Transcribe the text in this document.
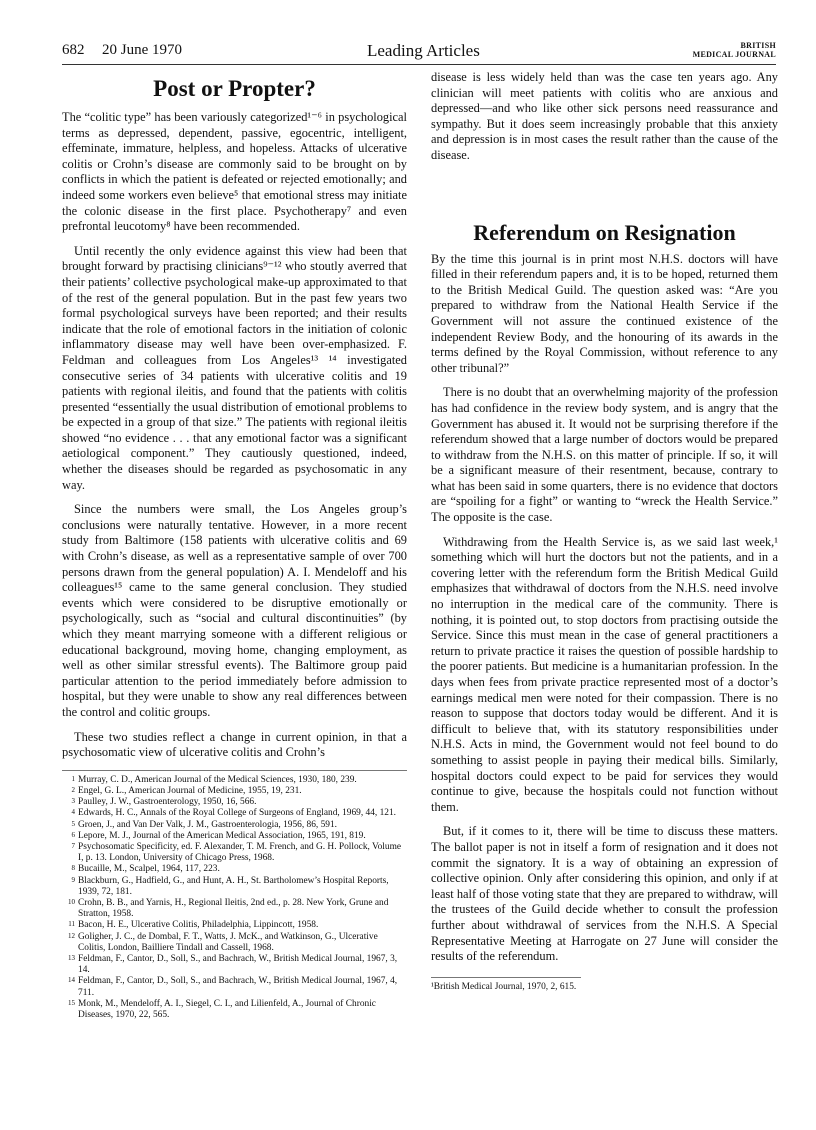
682 20 June 1970	Leading Articles	BRITISH
MEDICAL JOURNAL
Post or Propter?

The “colitic type” has been variously categorized¹⁻⁶ in psychological terms as depressed, dependent, passive, egocentric, intelligent, effeminate, immature, helpless, and hopeless. Attacks of ulcerative colitis or Crohn’s disease are commonly said to be brought on by conflicts in which the patient is defeated or rejected emotionally; and indeed some workers even believe⁵ that emotional stress may initiate the colonic disease in the first place. Psychotherapy⁷ and even prefrontal leucotomy⁸ have been recommended.

Until recently the only evidence against this view had been that brought forward by practising clinicians⁹⁻¹² who stoutly averred that their patients’ collective psychological make-up approximated to that of the rest of the general population. But in the past few years two formal psychological surveys have been reported; and their results indicate that the role of emotional factors in the initiation of colonic inflammatory disease may well have been over-emphasized. F. Feldman and colleagues from Los Angeles¹³ ¹⁴ investigated consecutive series of 34 patients with ulcerative colitis and 19 patients with regional ileitis, and found that the patients with colitis presented “essentially the usual distribution of emotional problems to be expected in a group of that size.” The patients with regional ileitis showed “no evidence . . . that any emotional factor was a significant aetiological component.” They cautiously questioned, indeed, whether the diseases should be regarded as psychosomatic in any way.

Since the numbers were small, the Los Angeles group’s conclusions were naturally tentative. However, in a more recent study from Baltimore (158 patients with ulcerative colitis and 69 with Crohn’s disease, as well as a representative sample of over 700 persons drawn from the general population) A. I. Mendeloff and his colleagues¹⁵ came to the same general conclusion. They studied events which were considered to be disruptive emotionally or psychologically, such as “social and cultural discontinuities” (by which they meant marrying someone with a different religious or educational background, moving home, changing employment, as well as other similar stressful events). The Baltimore group paid particular attention to the period immediately before admission to hospital, but they were unable to show any real differences between the control and colitic groups.

These two studies reflect a change in current opinion, in that a psychosomatic view of ulcerative colitis and Crohn’s

1 Murray, C. D., American Journal of the Medical Sciences, 1930, 180, 239.
2 Engel, G. L., American Journal of Medicine, 1955, 19, 231.
3 Paulley, J. W., Gastroenterology, 1950, 16, 566.
4 Edwards, H. C., Annals of the Royal College of Surgeons of England, 1969, 44, 121.
5 Groen, J., and Van Der Valk, J. M., Gastroenterologia, 1956, 86, 591.
6 Lepore, M. J., Journal of the American Medical Association, 1965, 191, 819.
7 Psychosomatic Specificity, ed. F. Alexander, T. M. French, and G. H. Pollock, Volume I, p. 13. London, University of Chicago Press, 1968.
8 Bucaille, M., Scalpel, 1964, 117, 223.
9 Blackburn, G., Hadfield, G., and Hunt, A. H., St. Bartholomew’s Hospital Reports, 1939, 72, 181.
10 Crohn, B. B., and Yarnis, H., Regional Ileitis, 2nd ed., p. 28. New York, Grune and Stratton, 1958.
11 Bacon, H. E., Ulcerative Colitis, Philadelphia, Lippincott, 1958.
12 Goligher, J. C., de Dombal, F. T., Watts, J. McK., and Watkinson, G., Ulcerative Colitis, London, Bailliere Tindall and Cassell, 1968.
13 Feldman, F., Cantor, D., Soll, S., and Bachrach, W., British Medical Journal, 1967, 3, 14.
14 Feldman, F., Cantor, D., Soll, S., and Bachrach, W., British Medical Journal, 1967, 4, 711.
15 Monk, M., Mendeloff, A. I., Siegel, C. I., and Lilienfeld, A., Journal of Chronic Diseases, 1970, 22, 565.

disease is less widely held than was the case ten years ago. Any clinician will meet patients with colitis who are anxious and depressed—and who like other sick persons need reassurance and sympathy. But it does seem increasingly probable that this anxiety and depression is in most cases the result rather than the cause of the disease.

Referendum on Resignation

By the time this journal is in print most N.H.S. doctors will have filled in their referendum papers and, it is to be hoped, returned them to the British Medical Guild. The question asked was: “Are you prepared to withdraw from the National Health Service if the Government will not assure the continued existence of the independent Review Body, and the honouring of its awards in the terms defined by the Royal Commission, without reference to any other tribunal?”

There is no doubt that an overwhelming majority of the profession has had confidence in the review body system, and is angry that the Government has abused it. It would not be surprising therefore if the referendum showed that a large number of doctors would be prepared to withdraw from the N.H.S. on this matter of principle. If so, it will be a significant measure of their resentment, because, contrary to what has been said in some quarters, there is no evidence that doctors are “spoiling for a fight” or wanting to “wreck the Health Service.” The opposite is the case.

Withdrawing from the Health Service is, as we said last week,¹ something which will hurt the doctors but not the patients, and in a covering letter with the referendum form the British Medical Guild emphasizes that withdrawal of doctors from the N.H.S. need involve no interruption in the medical care of the community. There is nothing, it is pointed out, to stop doctors from practising outside the Service. Since this must mean in the case of general practitioners a return to private practice it raises the question of possible hardship to the poorer patients. But medicine is a humanitarian profession. In the days when fees from private practice represented most of a doctor’s earnings medical men were noted for their compassion. There is no reason to suppose that doctors today would be different. And it is difficult to believe that, with its statutory responsibilities under N.H.S. Acts in mind, the Government would not feel bound to do something to assist people in paying their medical bills. Similarly, hospital doctors could expect to be paid for services they would continue to give, because the hospitals could not function without them.

But, if it comes to it, there will be time to discuss these matters. The ballot paper is not in itself a form of resignation and it does not commit the signatory. It is a way of obtaining an expression of collective opinion. Only after considering this opinion, and only if at least half of those voting state that they are prepared to withdraw, will the trustees of the Guild decide whether to consult the profession further about withdrawal of services from the N.H.S. A Special Representative Meeting at Harrogate on 27 June will consider the results of the referendum.

¹British Medical Journal, 1970, 2, 615.
